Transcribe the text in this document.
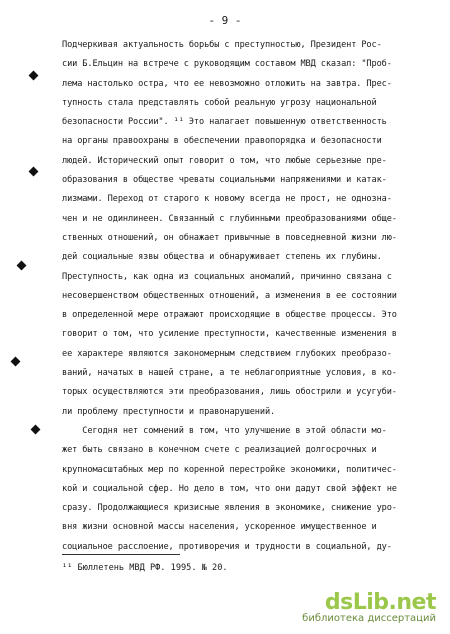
- 9 -
Подчеркивая актуальность борьбы с преступностью, Президент Рос-
сии Б.Ельцин на встрече с руководящим составом МВД сказал: "Проб-
лема настолько остра, что ее невозможно отложить на завтра. Прес-
тупность стала представлять собой реальную угрозу национальной
безопасности России". ¹¹ Это налагает повышенную ответственность
на органы правоохраны в обеспечении правопорядка и безопасности
людей. Исторический опыт говорит о том, что любые серьезные пре-
образования в обществе чреваты социальными напряжениями и катак-
лизмами. Переход от старого к новому всегда не прост, не однозна-
чен и не одинлинеен. Связанный с глубинными преобразованиями обще-
ственных отношений, он обнажает привычные в повседневной жизни лю-
дей социальные язвы общества и обнаруживает степень их глубины.
Преступность, как одна из социальных аномалий, причинно связана с
несовершенством общественных отношений, а изменения в ее состоянии
в определенной мере отражают происходящие в обществе процессы. Это
говорит о том, что усиление преступности, качественные изменения в
ее характере являются закономерным следствием глубоких преобразо-
ваний, начатых в нашей стране, а те неблагоприятные условия, в ко-
торых осуществляются эти преобразования, лишь обострили и усугуби-
ли проблему преступности и правонарушений.
Сегодня нет сомнений в том, что улучшение в этой области мо-
жет быть связано в конечном счете с реализацией долгосрочных и
крупномасштабных мер по коренной перестройке экономики, политичес-
кой и социальной сфер. Но дело в том, что они дадут свой эффект не
сразу. Продолжающиеся кризисные явления в экономике, снижение уро-
вня жизни основной массы населения, ускоренное имущественное и
социальное расслоение, противоречия и трудности в социальной, ду-
¹¹ Бюллетень МВД РФ. 1995. № 20.
dsLib.net
библиотека диссертаций
